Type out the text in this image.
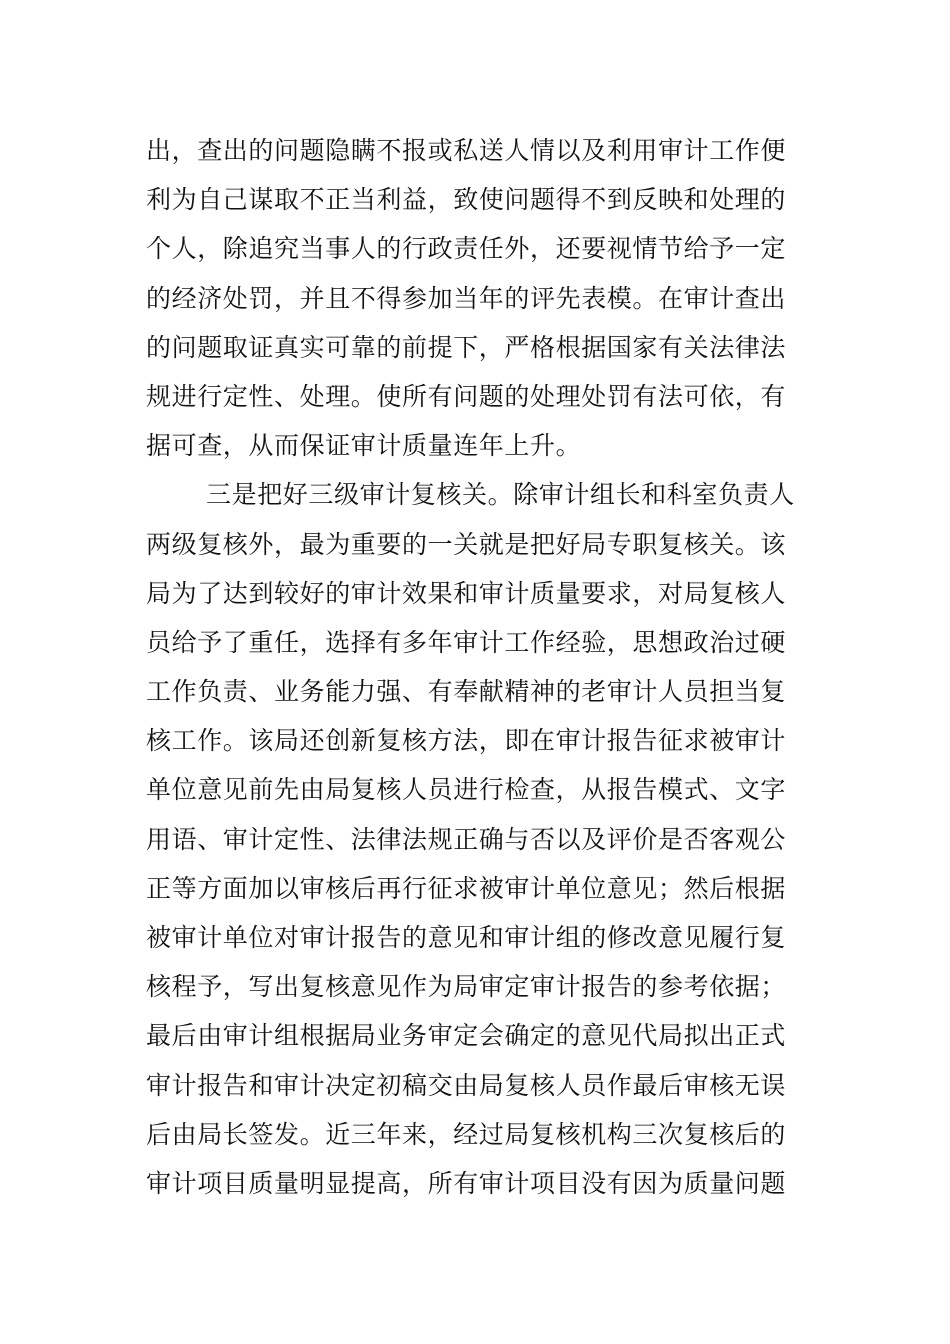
出，查出的问题隐瞒不报或私送人情以及利用审计工作便
利为自己谋取不正当利益，致使问题得不到反映和处理的
个人，除追究当事人的行政责任外，还要视情节给予一定
的经济处罚，并且不得参加当年的评先表模。在审计查出
的问题取证真实可靠的前提下，严格根据国家有关法律法
规进行定性、处理。使所有问题的处理处罚有法可依，有
据可查，从而保证审计质量连年上升。
三是把好三级审计复核关。除审计组长和科室负责人
两级复核外，最为重要的一关就是把好局专职复核关。该
局为了达到较好的审计效果和审计质量要求，对局复核人
员给予了重任，选择有多年审计工作经验，思想政治过硬
工作负责、业务能力强、有奉献精神的老审计人员担当复
核工作。该局还创新复核方法，即在审计报告征求被审计
单位意见前先由局复核人员进行检查，从报告模式、文字
用语、审计定性、法律法规正确与否以及评价是否客观公
正等方面加以审核后再行征求被审计单位意见；然后根据
被审计单位对审计报告的意见和审计组的修改意见履行复
核程予，写出复核意见作为局审定审计报告的参考依据；
最后由审计组根据局业务审定会确定的意见代局拟出正式
审计报告和审计决定初稿交由局复核人员作最后审核无误
后由局长签发。近三年来，经过局复核机构三次复核后的
审计项目质量明显提高，所有审计项目没有因为质量问题
